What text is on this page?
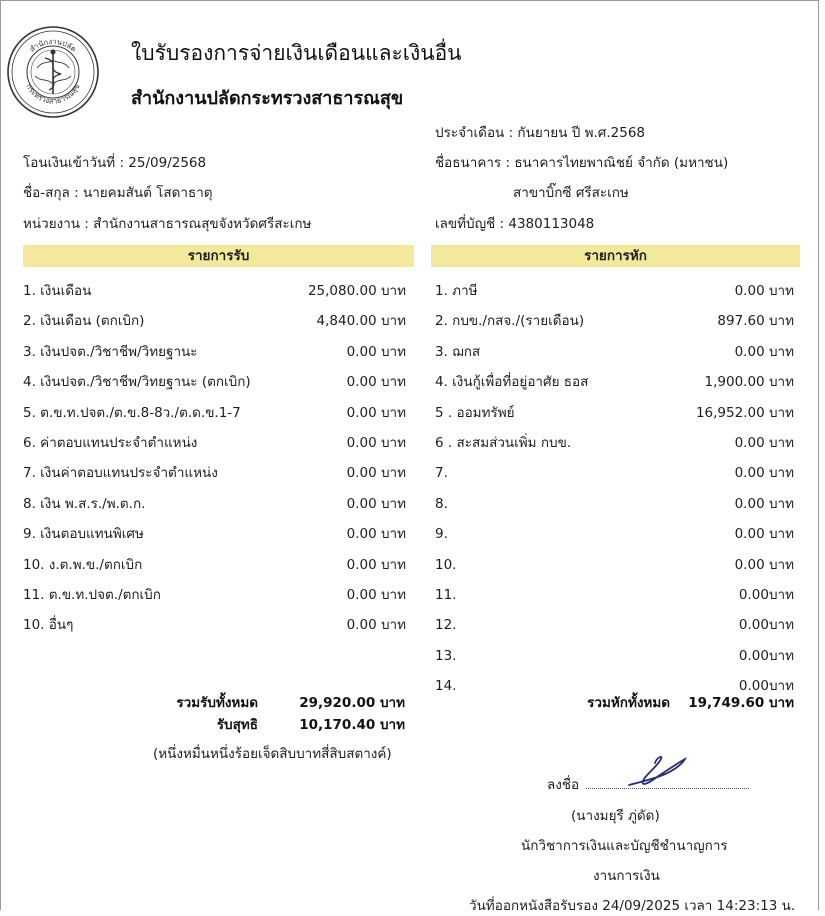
สำนักงานปลัด
กระทรวงสาธารณสุข
ใบรับรองการจ่ายเงินเดือนและเงินอื่น
สำนักงานปลัดกระทรวงสาธารณสุข
ประจำเดือน : กันยายน ปี พ.ศ.2568
โอนเงินเข้าวันที่ : 25/09/2568
ชื่อ-สกุล : นายคมสันต์ โสดาธาตุ
หน่วยงาน : สำนักงานสาธารณสุขจังหวัดศรีสะเกษ
ชื่อธนาคาร : ธนาคารไทยพาณิชย์ จำกัด (มหาชน)
สาขาบิ๊กซี ศรีสะเกษ
เลขที่บัญชี : 4380113048
รายการรับ	รายการหัก
1. เงินเดือน	25,080.00 บาท
2. เงินเดือน (ตกเบิก)	4,840.00 บาท
3. เงินปจต./วิชาชีพ/วิทยฐานะ	0.00 บาท
4. เงินปจต./วิชาชีพ/วิทยฐานะ (ตกเบิก)	0.00 บาท
5. ต.ข.ท.ปจต./ต.ข.8-8ว./ต.ด.ข.1-7	0.00 บาท
6. ค่าตอบแทนประจำตำแหน่ง	0.00 บาท
7. เงินค่าตอบแทนประจำตำแหน่ง	0.00 บาท
8. เงิน พ.ส.ร./พ.ต.ก.	0.00 บาท
9. เงินตอบแทนพิเศษ	0.00 บาท
10. ง.ต.พ.ข./ตกเบิก	0.00 บาท
11. ต.ข.ท.ปจต./ตกเบิก	0.00 บาท
10. อื่นๆ	0.00 บาท
1. ภาษี	0.00 บาท
2. กบข./กสจ./(รายเดือน)	897.60 บาท
3. ฌกส	0.00 บาท
4. เงินกู้เพื่อที่อยู่อาศัย ธอส	1,900.00 บาท
5 . ออมทรัพย์	16,952.00 บาท
6 . สะสมส่วนเพิ่ม กบข.	0.00 บาท
7.	0.00 บาท
8.	0.00 บาท
9.	0.00 บาท
10.	0.00 บาท
11.	0.00บาท
12.	0.00บาท
13.	0.00บาท
14.	0.00บาท
รวมรับทั้งหมด	29,920.00 บาท
รับสุทธิ	10,170.40 บาท
(หนึ่งหมื่นหนึ่งร้อยเจ็ดสิบบาทสี่สิบสตางค์)
รวมหักทั้งหมด 19,749.60 บาท
ลงชื่อ
(นางมยุรี ภู่ดัด)
นักวิชาการเงินและบัญชีชำนาญการ
งานการเงิน
วันที่ออกหนังสือรับรอง 24/09/2025 เวลา 14:23:13 น.
